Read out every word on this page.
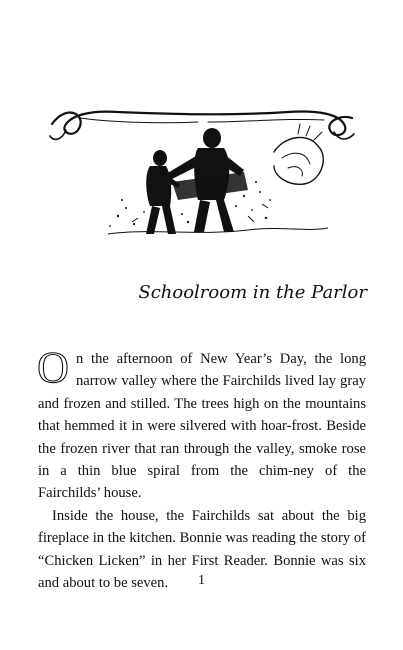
Schoolroom in the Parlor

O n the afternoon of New Year’s Day, the long narrow valley where the Fairchilds lived lay gray and frozen and stilled. The trees high on the mountains that hemmed it in were silvered with hoar-frost. Beside the frozen river that ran through the valley, smoke rose in a thin blue spiral from the chim-ney of the Fairchilds’ house.

Inside the house, the Fairchilds sat about the big fireplace in the kitchen. Bonnie was reading the story of “Chicken Licken” in her First Reader. Bonnie was six and about to be seven.	1
